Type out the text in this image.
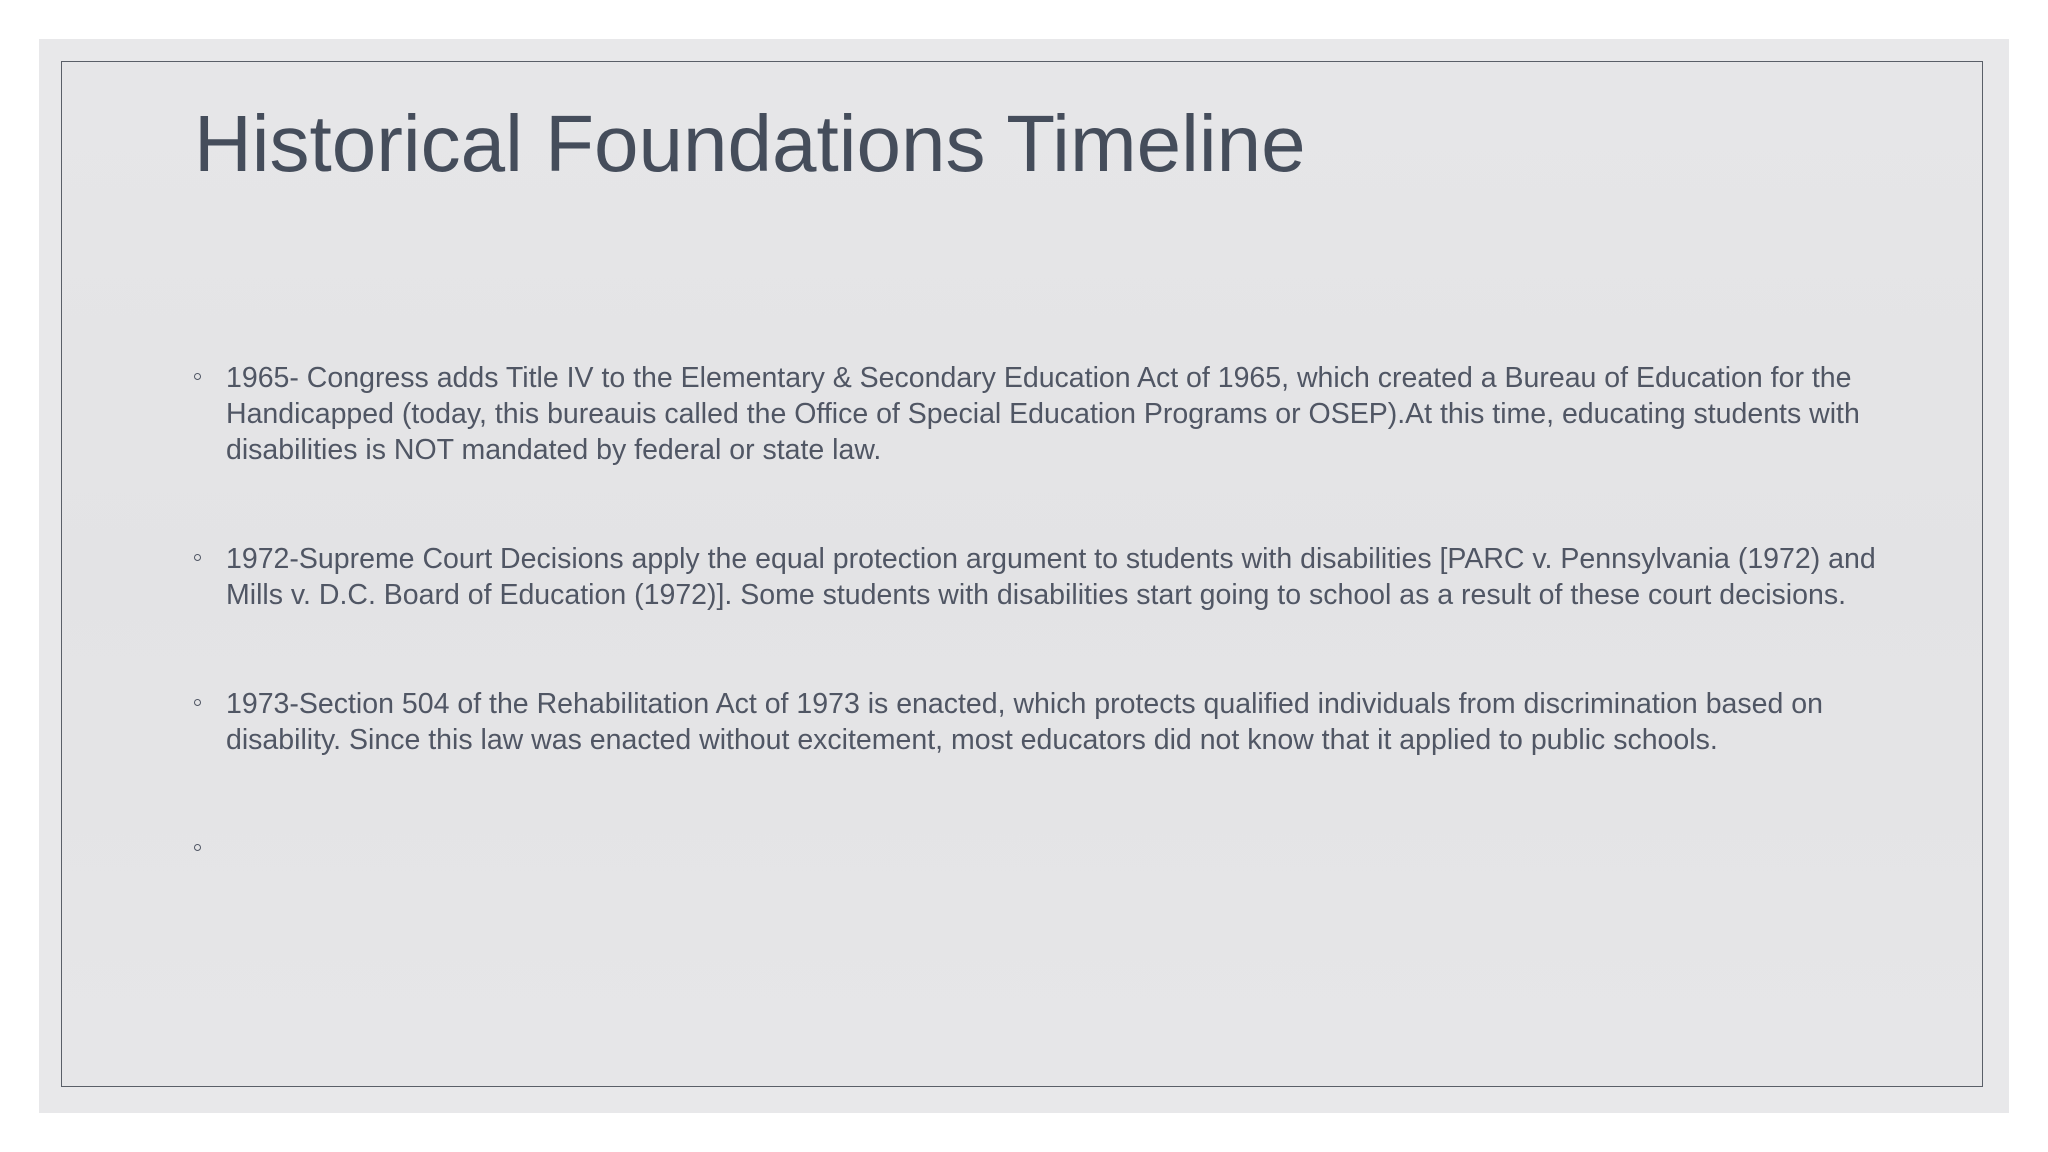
Historical Foundations Timeline
1965- Congress adds Title IV to the Elementary & Secondary Education Act of 1965, which created a Bureau of Education for the Handicapped (today, this bureauis called the Office of Special Education Programs or OSEP).At this time, educating students with disabilities is NOT mandated by federal or state law.
1972-Supreme Court Decisions apply the equal protection argument to students with disabilities [PARC v. Pennsylvania (1972) and Mills v. D.C. Board of Education (1972)]. Some students with disabilities start going to school as a result of these court decisions.
1973-Section 504 of the Rehabilitation Act of 1973 is enacted, which protects qualified individuals from discrimination based on disability. Since this law was enacted without excitement, most educators did not know that it applied to public schools.
